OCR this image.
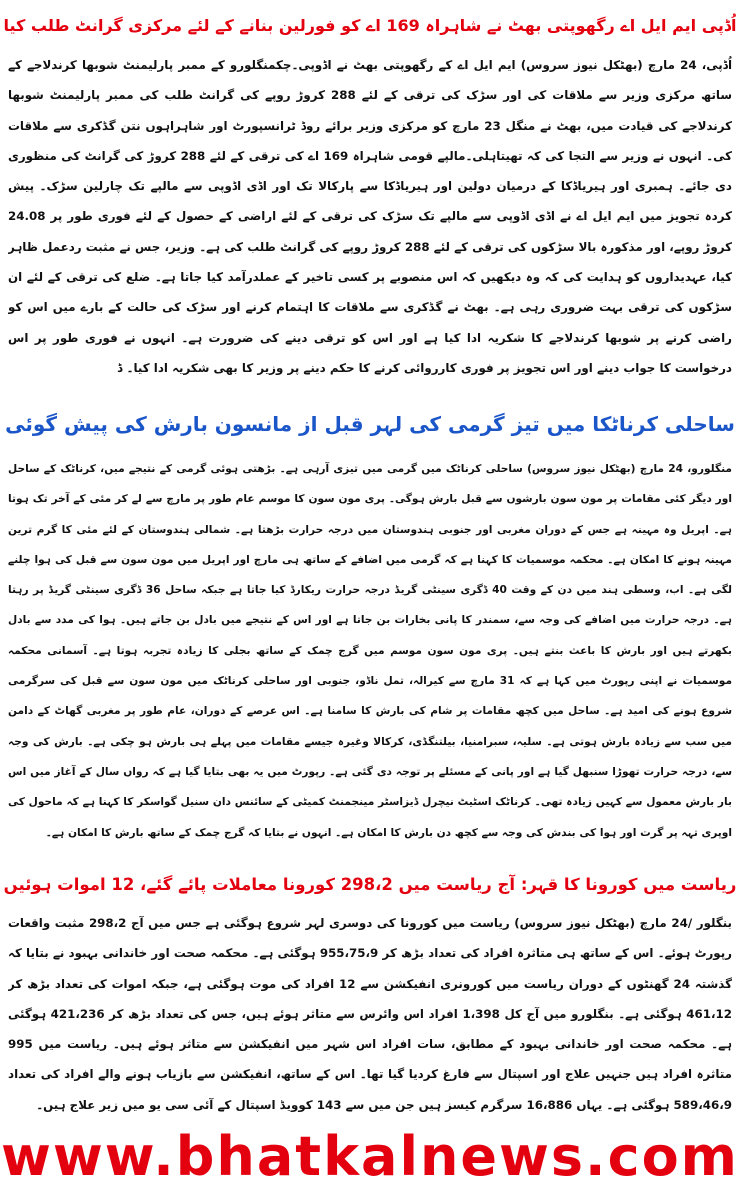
اُڈپی ایم ایل اے رگھوپتی بھٹ نے شاہراہ 169 اے کو فورلین بنانے کے لئے مرکزی گرانٹ طلب کیا

اُڈپی، 24 مارچ (بھٹکل نیوز سروس) ایم ایل اے کے رگھوپتی بھٹ نے اڈوپی۔چکمنگلورو کے ممبر پارلیمنٹ شوبھا کرندلاجے کے ساتھ مرکزی وزیر سے ملاقات کی اور سڑک کی ترقی کے لئے 288 کروڑ روپے کی گرانٹ طلب کی ممبر پارلیمنٹ شوبھا کرندلاجے کی قیادت میں، بھٹ نے منگل 23 مارچ کو مرکزی وزیر برائے روڈ ٹرانسپورٹ اور شاہراہوں نتن گڈکری سے ملاقات کی۔ انہوں نے وزیر سے التجا کی کہ تھیتاہلی۔مالپے قومی شاہراہ 169 اے کی ترقی کے لئے 288 کروڑ کی گرانٹ کی منظوری دی جائے۔ ہمبری اور ہیریاڈکا کے درمیان دولین اور ہیریاڈکا سے پارکالا تک اور اڈی اڈوپی سے مالپے تک چارلین سڑک۔ پیش کردہ تجویز میں ایم ایل اے نے اڈی اڈوپی سے مالپے تک سڑک کی ترقی کے لئے اراضی کے حصول کے لئے فوری طور پر 24.08 کروڑ روپے، اور مذکورہ بالا سڑکوں کی ترقی کے لئے 288 کروڑ روپے کی گرانٹ طلب کی ہے۔ وزیر، جس نے مثبت ردعمل ظاہر کیا، عہدیداروں کو ہدایت کی کہ وہ دیکھیں کہ اس منصوبے پر کسی تاخیر کے عملدرآمد کیا جاتا ہے۔ ضلع کی ترقی کے لئے ان سڑکوں کی ترقی بہت ضروری رہی ہے۔ بھٹ نے گڈکری سے ملاقات کا اہتمام کرنے اور سڑک کی حالت کے بارے میں اس کو راضی کرنے پر شوبھا کرندلاجے کا شکریہ ادا کیا ہے اور اس کو ترقی دینے کی ضرورت ہے۔ انہوں نے فوری طور پر اس درخواست کا جواب دینے اور اس تجویز پر فوری کارروائی کرنے کا حکم دینے پر وزیر کا بھی شکریہ ادا کیا۔ ڈ

ساحلی کرناٹکا میں تیز گرمی کی لہر قبل از مانسون بارش کی پیش گوئی

منگلورو، 24 مارچ (بھٹکل نیوز سروس) ساحلی کرناٹک میں گرمی میں تیزی آرہی ہے۔ بڑھتی ہوئی گرمی کے نتیجے میں، کرناٹک کے ساحل اور دیگر کئی مقامات پر مون سون بارشوں سے قبل بارش ہوگی۔ پری مون سون کا موسم عام طور پر مارچ سے لے کر مئی کے آخر تک ہوتا ہے۔ اپریل وہ مہینہ ہے جس کے دوران مغربی اور جنوبی ہندوستان میں درجہ حرارت بڑھتا ہے۔ شمالی ہندوستان کے لئے مئی کا گرم ترین مہینہ ہونے کا امکان ہے۔ محکمہ موسمیات کا کہنا ہے کہ گرمی میں اضافے کے ساتھ ہی مارچ اور اپریل میں مون سون سے قبل کی ہوا چلنے لگی ہے۔ اب، وسطی ہند میں دن کے وقت 40 ڈگری سینٹی گریڈ درجہ حرارت ریکارڈ کیا جاتا ہے جبکہ ساحل 36 ڈگری سینٹی گریڈ پر رہتا ہے۔ درجہ حرارت میں اضافے کی وجہ سے، سمندر کا پانی بخارات بن جاتا ہے اور اس کے نتیجے میں بادل بن جاتے ہیں۔ ہوا کی مدد سے بادل بکھرتے ہیں اور بارش کا باعث بنتے ہیں۔ پری مون سون موسم میں گرج چمک کے ساتھ بجلی کا زیادہ تجربہ ہوتا ہے۔ آسمانی محکمہ موسمیات نے اپنی رپورٹ میں کہا ہے کہ 31 مارچ سے کیرالہ، تمل ناڈو، جنوبی اور ساحلی کرناٹک میں مون سون سے قبل کی سرگرمی شروع ہونے کی امید ہے۔ ساحل میں کچھ مقامات پر شام کی بارش کا سامنا ہے۔ اس عرصے کے دوران، عام طور پر مغربی گھاٹ کے دامن میں سب سے زیادہ بارش ہوتی ہے۔ سلیہ، سبرامنیا، بیلتنگڈی، کرکالا وغیرہ جیسے مقامات میں پہلے ہی بارش ہو چکی ہے۔ بارش کی وجہ سے، درجہ حرارت تھوڑا سنبھل گیا ہے اور پانی کے مسئلے پر توجہ دی گئی ہے۔ رپورٹ میں یہ بھی بتایا گیا ہے کہ رواں سال کے آغاز میں اس بار بارش معمول سے کہیں زیادہ تھی۔ کرناٹک اسٹیٹ نیچرل ڈیزاسٹر مینجمنٹ کمیٹی کے سائنس دان سنیل گواسکر کا کہنا ہے کہ ماحول کی اوپری تہہ پر گرت اور ہوا کی بندش کی وجہ سے کچھ دن بارش کا امکان ہے۔ انہوں نے بتایا کہ گرج چمک کے ساتھ بارش کا امکان ہے۔

ریاست میں کورونا کا قہر: آج ریاست میں 298،2 کورونا معاملات پائے گئے، 12 اموات ہوئیں

بنگلور /24 مارچ (بھٹکل نیوز سروس) ریاست میں کورونا کی دوسری لہر شروع ہوگئی ہے جس میں آج 298،2 مثبت واقعات رپورٹ ہوئے۔ اس کے ساتھ ہی متاثرہ افراد کی تعداد بڑھ کر 955،75،9 ہوگئی ہے۔ محکمہ صحت اور خاندانی بہبود نے بتایا کہ گذشتہ 24 گھنٹوں کے دوران ریاست میں کورونری انفیکشن سے 12 افراد کی موت ہوگئی ہے، جبکہ اموات کی تعداد بڑھ کر 461،12 ہوگئی ہے۔ بنگلورو میں آج کل 1،398 افراد اس وائرس سے متاثر ہوئے ہیں، جس کی تعداد بڑھ کر 421،236 ہوگئی ہے۔ محکمہ صحت اور خاندانی بہبود کے مطابق، سات افراد اس شہر میں انفیکشن سے متاثر ہوئے ہیں۔ ریاست میں 995 متاثرہ افراد ہیں جنہیں علاج اور اسپتال سے فارغ کردیا گیا تھا۔ اس کے ساتھ، انفیکشن سے بازیاب ہونے والے افراد کی تعداد 589،46،9 ہوگئی ہے۔ یہاں 16،886 سرگرم کیسز ہیں جن میں سے 143 کوویڈ اسپتال کے آئی سی یو میں زیر علاج ہیں۔

www.bhatkalnews.com
